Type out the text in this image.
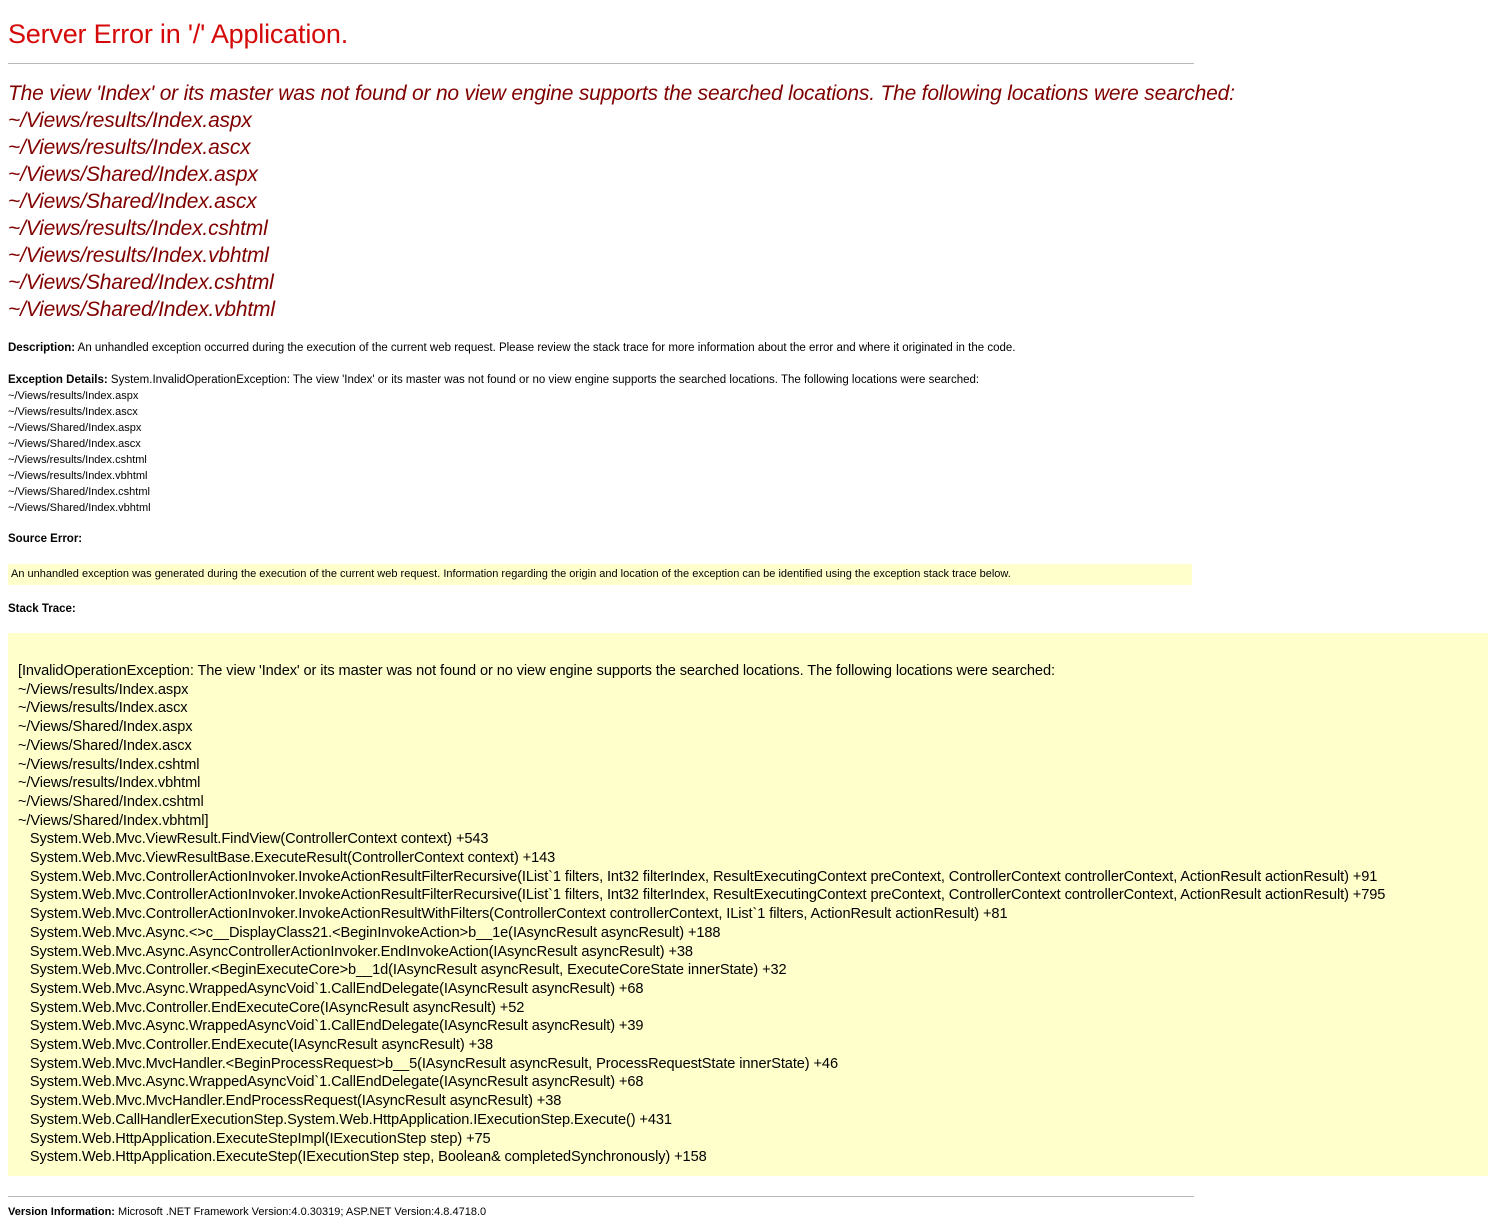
Server Error in '/' Application.
The view 'Index' or its master was not found or no view engine supports the searched locations. The following locations were searched:
~/Views/results/Index.aspx
~/Views/results/Index.ascx
~/Views/Shared/Index.aspx
~/Views/Shared/Index.ascx
~/Views/results/Index.cshtml
~/Views/results/Index.vbhtml
~/Views/Shared/Index.cshtml
~/Views/Shared/Index.vbhtml
Description: An unhandled exception occurred during the execution of the current web request. Please review the stack trace for more information about the error and where it originated in the code.
Exception Details: System.InvalidOperationException: The view 'Index' or its master was not found or no view engine supports the searched locations. The following locations were searched:
~/Views/results/Index.aspx
~/Views/results/Index.ascx
~/Views/Shared/Index.aspx
~/Views/Shared/Index.ascx
~/Views/results/Index.cshtml
~/Views/results/Index.vbhtml
~/Views/Shared/Index.cshtml
~/Views/Shared/Index.vbhtml
Source Error:
An unhandled exception was generated during the execution of the current web request. Information regarding the origin and location of the exception can be identified using the exception stack trace below.
Stack Trace:
[InvalidOperationException: The view 'Index' or its master was not found or no view engine supports the searched locations. The following locations were searched:
~/Views/results/Index.aspx
~/Views/results/Index.ascx
~/Views/Shared/Index.aspx
~/Views/Shared/Index.ascx
~/Views/results/Index.cshtml
~/Views/results/Index.vbhtml
~/Views/Shared/Index.cshtml
~/Views/Shared/Index.vbhtml]
System.Web.Mvc.ViewResult.FindView(ControllerContext context) +543
System.Web.Mvc.ViewResultBase.ExecuteResult(ControllerContext context) +143
System.Web.Mvc.ControllerActionInvoker.InvokeActionResultFilterRecursive(IList`1 filters, Int32 filterIndex, ResultExecutingContext preContext, ControllerContext controllerContext, ActionResult actionResult) +91
System.Web.Mvc.ControllerActionInvoker.InvokeActionResultFilterRecursive(IList`1 filters, Int32 filterIndex, ResultExecutingContext preContext, ControllerContext controllerContext, ActionResult actionResult) +795
System.Web.Mvc.ControllerActionInvoker.InvokeActionResultWithFilters(ControllerContext controllerContext, IList`1 filters, ActionResult actionResult) +81
System.Web.Mvc.Async.<>c__DisplayClass21.<BeginInvokeAction>b__1e(IAsyncResult asyncResult) +188
System.Web.Mvc.Async.AsyncControllerActionInvoker.EndInvokeAction(IAsyncResult asyncResult) +38
System.Web.Mvc.Controller.<BeginExecuteCore>b__1d(IAsyncResult asyncResult, ExecuteCoreState innerState) +32
System.Web.Mvc.Async.WrappedAsyncVoid`1.CallEndDelegate(IAsyncResult asyncResult) +68
System.Web.Mvc.Controller.EndExecuteCore(IAsyncResult asyncResult) +52
System.Web.Mvc.Async.WrappedAsyncVoid`1.CallEndDelegate(IAsyncResult asyncResult) +39
System.Web.Mvc.Controller.EndExecute(IAsyncResult asyncResult) +38
System.Web.Mvc.MvcHandler.<BeginProcessRequest>b__5(IAsyncResult asyncResult, ProcessRequestState innerState) +46
System.Web.Mvc.Async.WrappedAsyncVoid`1.CallEndDelegate(IAsyncResult asyncResult) +68
System.Web.Mvc.MvcHandler.EndProcessRequest(IAsyncResult asyncResult) +38
System.Web.CallHandlerExecutionStep.System.Web.HttpApplication.IExecutionStep.Execute() +431
System.Web.HttpApplication.ExecuteStepImpl(IExecutionStep step) +75
System.Web.HttpApplication.ExecuteStep(IExecutionStep step, Boolean& completedSynchronously) +158
Version Information: Microsoft .NET Framework Version:4.0.30319; ASP.NET Version:4.8.4718.0
